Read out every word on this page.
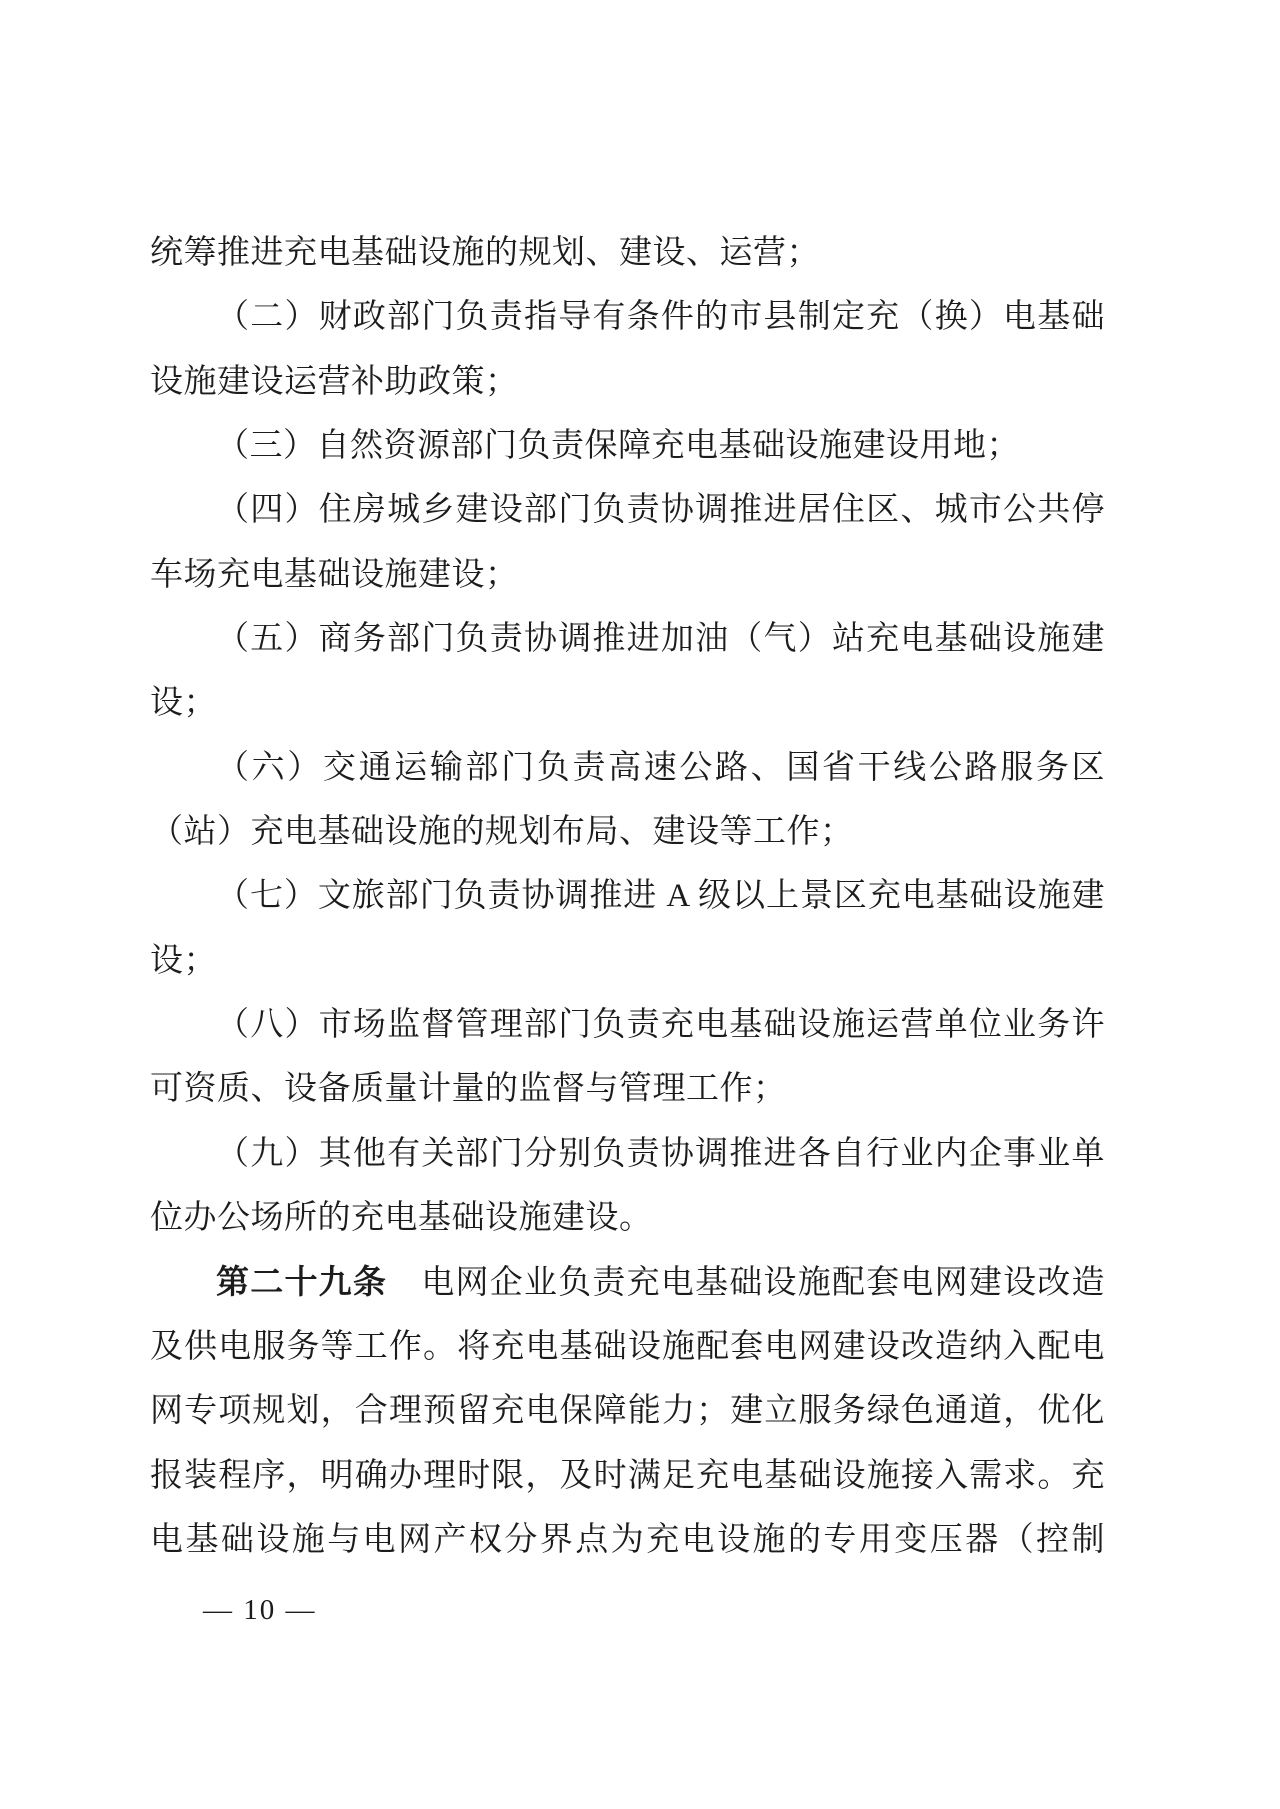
统筹推进充电基础设施的规划、建设、运营；
（二）财政部门负责指导有条件的市县制定充（换）电基础
设施建设运营补助政策；
（三）自然资源部门负责保障充电基础设施建设用地；
（四）住房城乡建设部门负责协调推进居住区、城市公共停
车场充电基础设施建设；
（五）商务部门负责协调推进加油（气）站充电基础设施建
设；
（六）交通运输部门负责高速公路、国省干线公路服务区
（站）充电基础设施的规划布局、建设等工作；
（七）文旅部门负责协调推进 A 级以上景区充电基础设施建
设；
（八）市场监督管理部门负责充电基础设施运营单位业务许
可资质、设备质量计量的监督与管理工作；
（九）其他有关部门分别负责协调推进各自行业内企事业单
位办公场所的充电基础设施建设。
第二十九条　电网企业负责充电基础设施配套电网建设改造
及供电服务等工作。将充电基础设施配套电网建设改造纳入配电
网专项规划，合理预留充电保障能力；建立服务绿色通道，优化
报装程序，明确办理时限，及时满足充电基础设施接入需求。充
电基础设施与电网产权分界点为充电设施的专用变压器（控制
— 10 —
